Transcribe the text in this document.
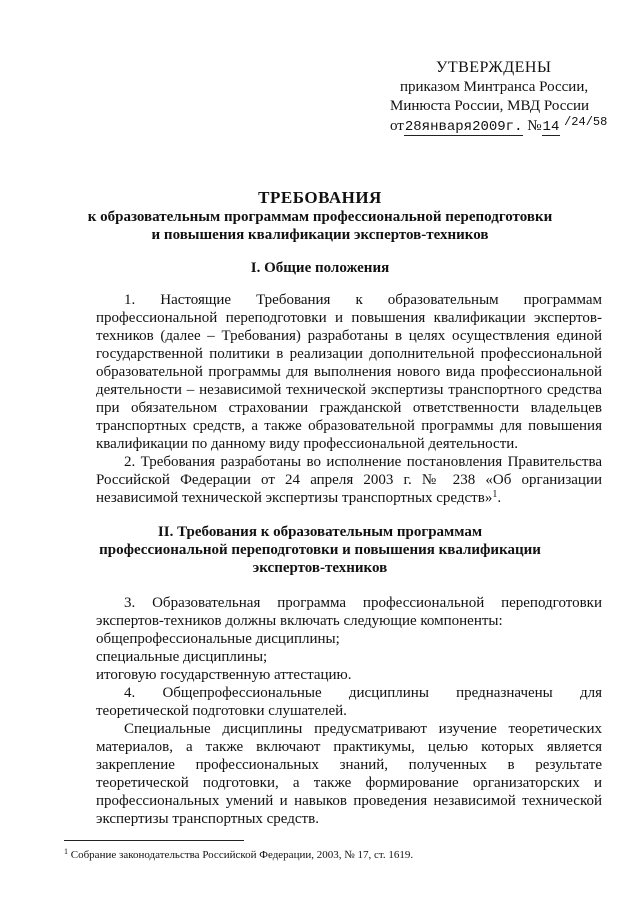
УТВЕРЖДЕНЫ
приказом Минтранса России,
Минюста России, МВД России
от28января2009г. №14 $^{/24/58}$
ТРЕБОВАНИЯ
к образовательным программам профессиональной переподготовки
и повышения квалификации экспертов-техников
I. Общие положения

1. Настоящие Требования к образовательным программам профессиональной переподготовки и повышения квалификации экспертов-техников (далее – Требования) разработаны в целях осуществления единой государственной политики в реализации дополнительной профессиональной образовательной программы для выполнения нового вида профессиональной деятельности – независимой технической экспертизы транспортного средства при обязательном страховании гражданской ответственности владельцев транспортных средств, а также образовательной программы для повышения квалификации по данному виду профессиональной деятельности.

2. Требования разработаны во исполнение постановления Правительства Российской Федерации от 24 апреля 2003 г. № 238 «Об организации независимой технической экспертизы транспортных средств»$^1$.

II. Требования к образовательным программам
профессиональной переподготовки и повышения квалификации
экспертов-техников

3. Образовательная программа профессиональной переподготовки экспертов-техников должны включать следующие компоненты:

общепрофессиональные дисциплины;

специальные дисциплины;

итоговую государственную аттестацию.

4. Общепрофессиональные дисциплины предназначены для теоретической подготовки слушателей.

Специальные дисциплины предусматривают изучение теоретических материалов, а также включают практикумы, целью которых является закрепление профессиональных знаний, полученных в результате теоретической подготовки, а также формирование организаторских и профессиональных умений и навыков проведения независимой технической экспертизы транспортных средств.

$^1$ Собрание законодательства Российской Федерации, 2003, № 17, ст. 1619.
